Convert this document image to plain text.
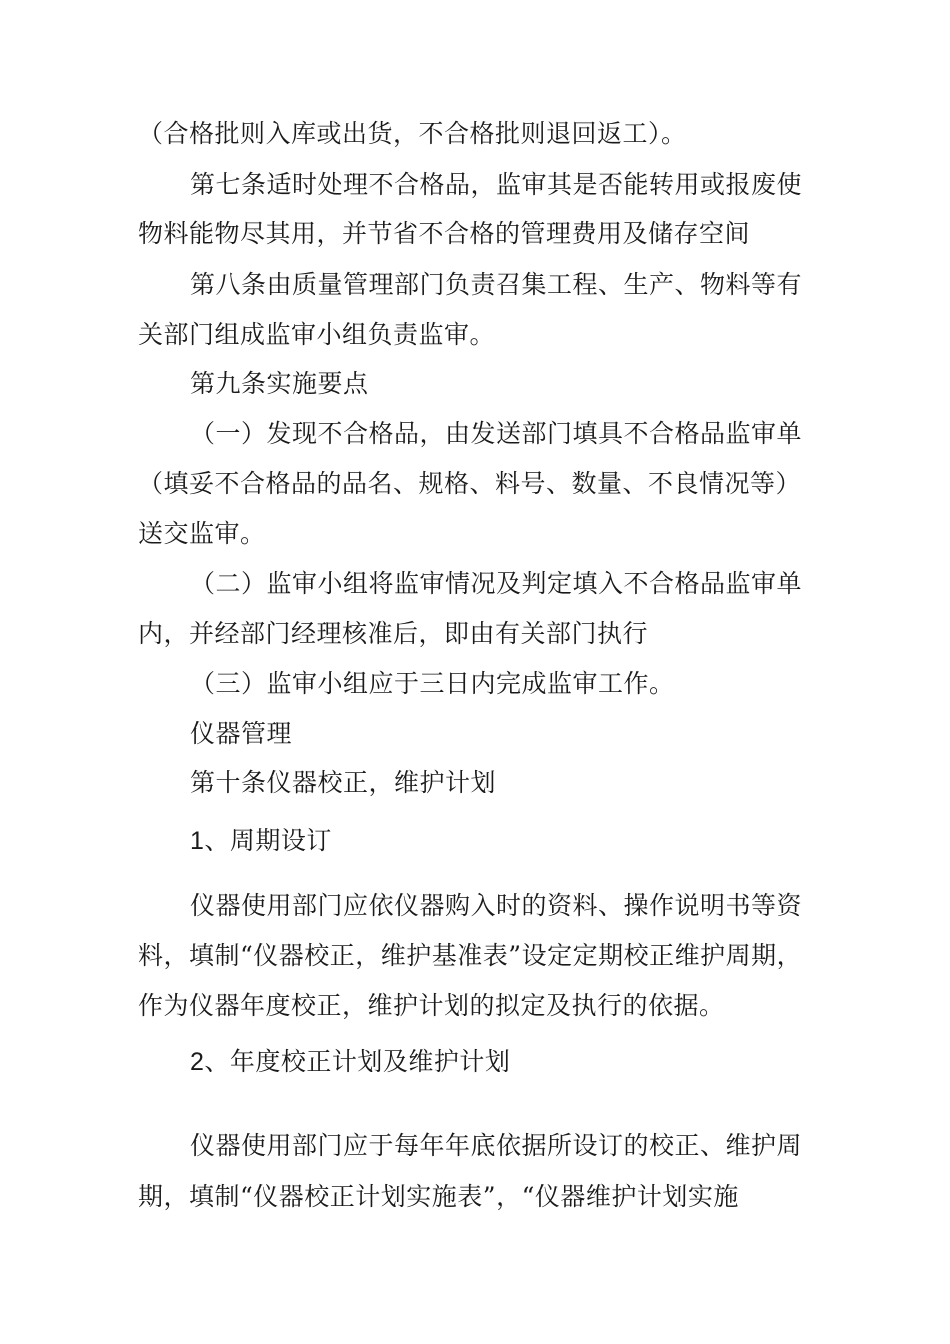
（合格批则入库或出货，不合格批则退回返工）。
第七条适时处理不合格品，监审其是否能转用或报废使
物料能物尽其用，并节省不合格的管理费用及储存空间
第八条由质量管理部门负责召集工程、生产、物料等有
关部门组成监审小组负责监审。
第九条实施要点
（一）发现不合格品，由发送部门填具不合格品监审单
（填妥不合格品的品名、规格、料号、数量、不良情况等）
送交监审。
（二）监审小组将监审情况及判定填入不合格品监审单
内，并经部门经理核准后，即由有关部门执行
（三）监审小组应于三日内完成监审工作。
仪器管理
第十条仪器校正，维护计划
1、周期设订
仪器使用部门应依仪器购入时的资料、操作说明书等资
料，填制“仪器校正，维护基准表”设定定期校正维护周期，
作为仪器年度校正，维护计划的拟定及执行的依据。
2、年度校正计划及维护计划
仪器使用部门应于每年年底依据所设订的校正、维护周
期，填制“仪器校正计划实施表”，“仪器维护计划实施
